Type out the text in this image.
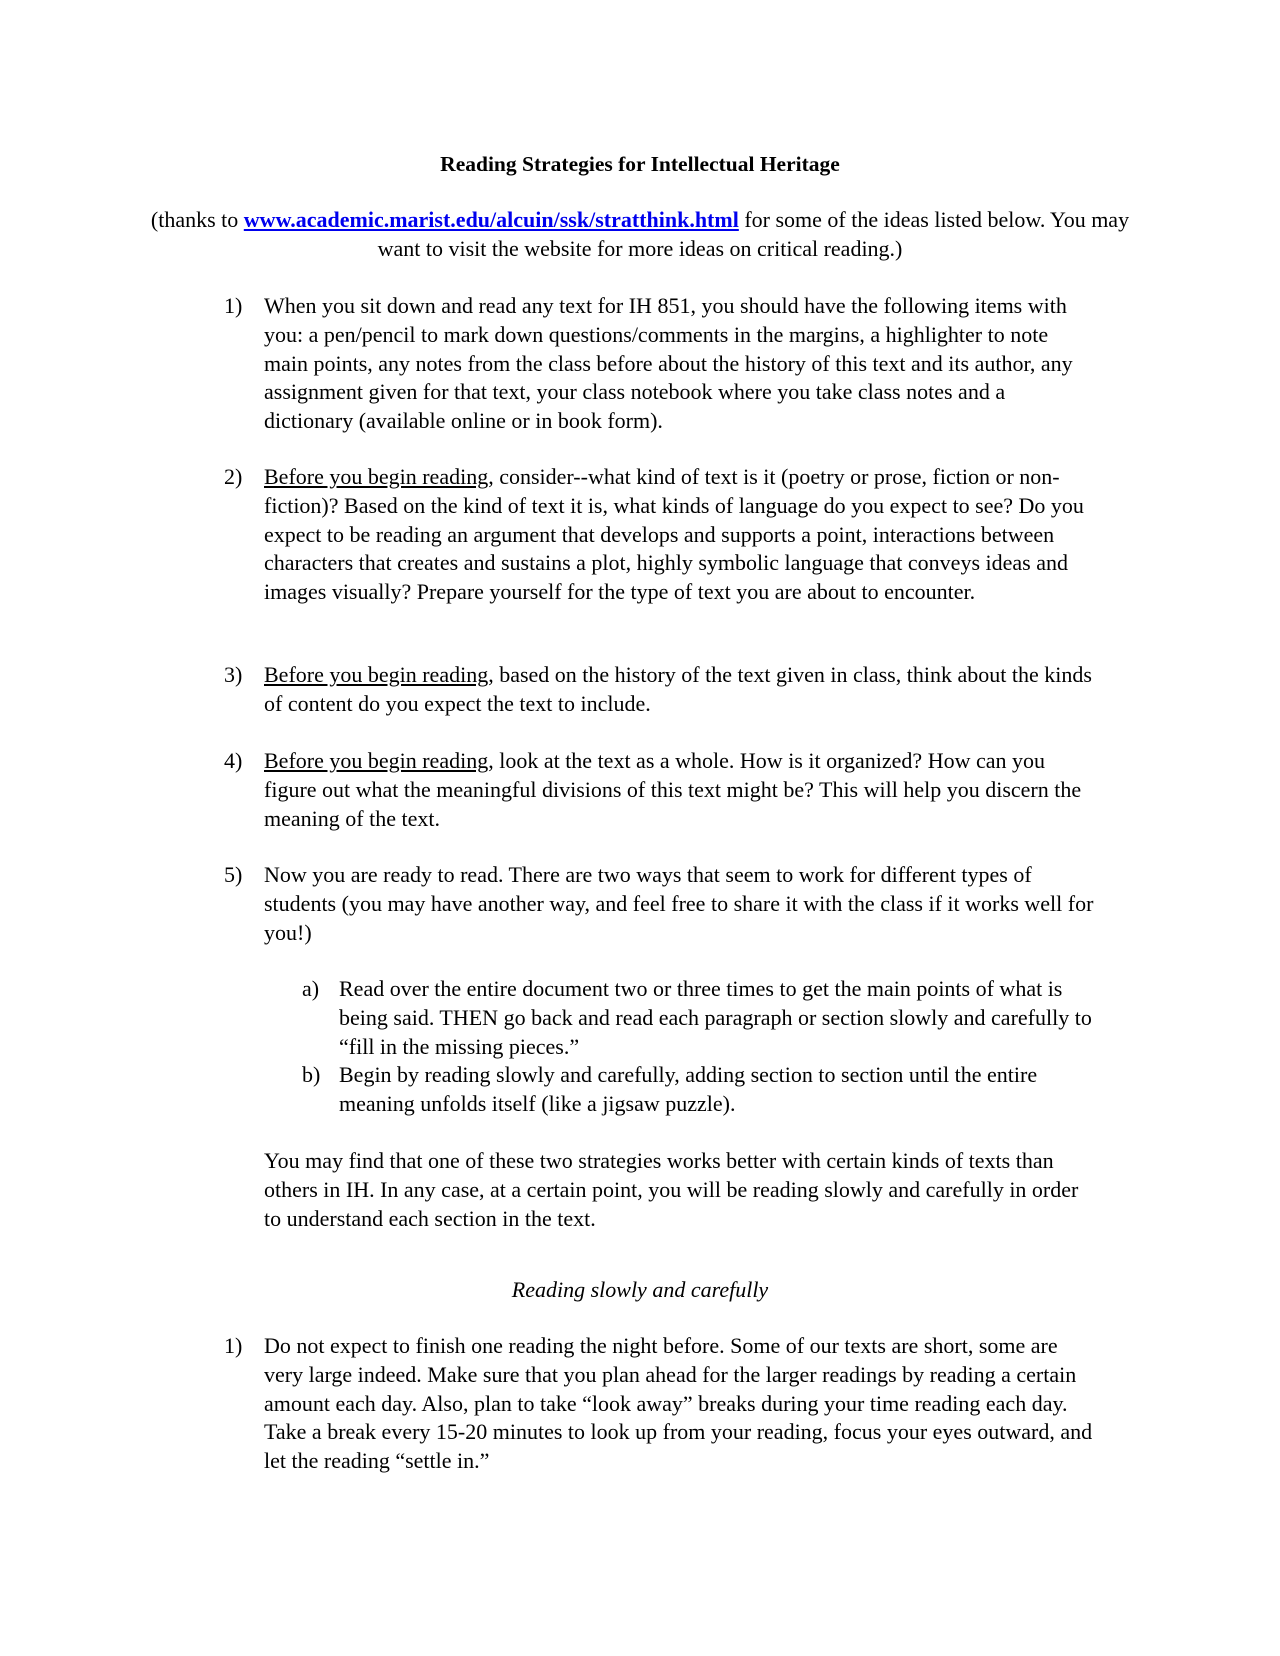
Reading Strategies for Intellectual Heritage
(thanks to www.academic.marist.edu/alcuin/ssk/stratthink.html for some of the ideas listed below. You may want to visit the website for more ideas on critical reading.)
1) When you sit down and read any text for IH 851, you should have the following items with you: a pen/pencil to mark down questions/comments in the margins, a highlighter to note main points, any notes from the class before about the history of this text and its author, any assignment given for that text, your class notebook where you take class notes and a dictionary (available online or in book form).
2) Before you begin reading, consider--what kind of text is it (poetry or prose, fiction or non-fiction)? Based on the kind of text it is, what kinds of language do you expect to see? Do you expect to be reading an argument that develops and supports a point, interactions between characters that creates and sustains a plot, highly symbolic language that conveys ideas and images visually? Prepare yourself for the type of text you are about to encounter.
3) Before you begin reading, based on the history of the text given in class, think about the kinds of content do you expect the text to include.
4) Before you begin reading, look at the text as a whole. How is it organized? How can you figure out what the meaningful divisions of this text might be? This will help you discern the meaning of the text.
5) Now you are ready to read. There are two ways that seem to work for different types of students (you may have another way, and feel free to share it with the class if it works well for you!)
a) Read over the entire document two or three times to get the main points of what is being said. THEN go back and read each paragraph or section slowly and carefully to “fill in the missing pieces.”
b) Begin by reading slowly and carefully, adding section to section until the entire meaning unfolds itself (like a jigsaw puzzle).
You may find that one of these two strategies works better with certain kinds of texts than others in IH. In any case, at a certain point, you will be reading slowly and carefully in order to understand each section in the text.
Reading slowly and carefully
1) Do not expect to finish one reading the night before. Some of our texts are short, some are very large indeed. Make sure that you plan ahead for the larger readings by reading a certain amount each day. Also, plan to take “look away” breaks during your time reading each day. Take a break every 15-20 minutes to look up from your reading, focus your eyes outward, and let the reading “settle in.”
